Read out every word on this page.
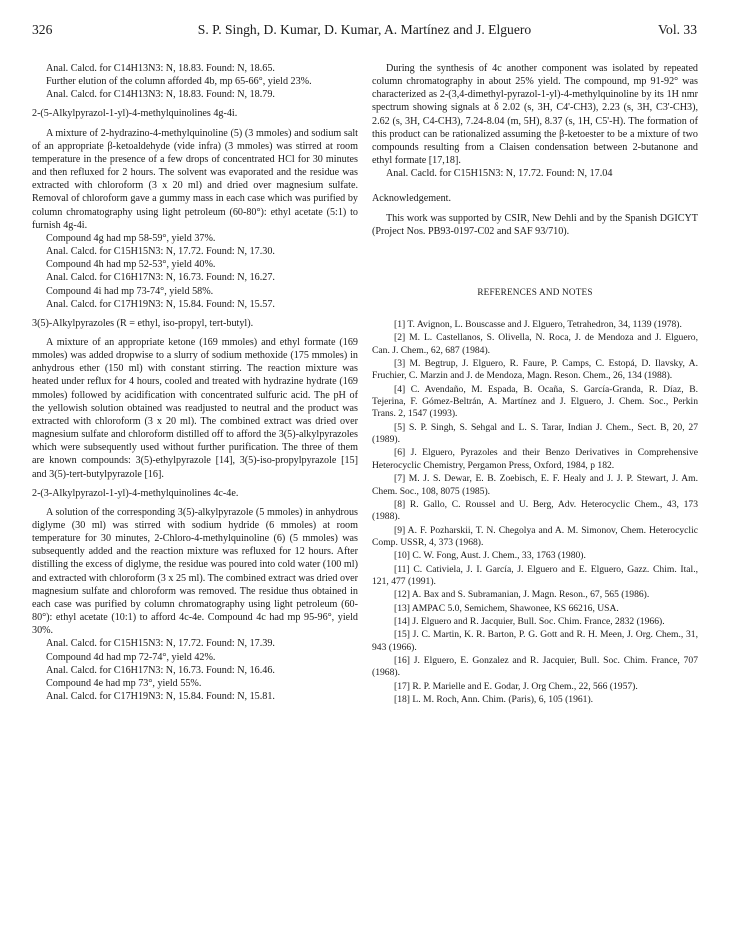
326	S. P. Singh, D. Kumar, D. Kumar, A. Martínez and J. Elguero	Vol. 33

Anal. Calcd. for C14H13N3: N, 18.83. Found: N, 18.65.

Further elution of the column afforded 4b, mp 65-66°, yield 23%.

Anal. Calcd. for C14H13N3: N, 18.83. Found: N, 18.79.

2-(5-Alkylpyrazol-1-yl)-4-methylquinolines 4g-4i.

A mixture of 2-hydrazino-4-methylquinoline (5) (3 mmoles) and sodium salt of an appropriate β-ketoaldehyde (vide infra) (3 mmoles) was stirred at room temperature in the presence of a few drops of concentrated HCl for 30 minutes and then refluxed for 2 hours. The solvent was evaporated and the residue was extracted with chloroform (3 x 20 ml) and dried over magnesium sulfate. Removal of chloroform gave a gummy mass in each case which was purified by column chromatography using light petroleum (60-80°): ethyl acetate (5:1) to furnish 4g-4i.

Compound 4g had mp 58-59°, yield 37%.

Anal. Calcd. for C15H15N3: N, 17.72. Found: N, 17.30.

Compound 4h had mp 52-53°, yield 40%.

Anal. Calcd. for C16H17N3: N, 16.73. Found: N, 16.27.

Compound 4i had mp 73-74°, yield 58%.

Anal. Calcd. for C17H19N3: N, 15.84. Found: N, 15.57.

3(5)-Alkylpyrazoles (R = ethyl, iso-propyl, tert-butyl).

A mixture of an appropriate ketone (169 mmoles) and ethyl formate (169 mmoles) was added dropwise to a slurry of sodium methoxide (175 mmoles) in anhydrous ether (150 ml) with constant stirring. The reaction mixture was heated under reflux for 4 hours, cooled and treated with hydrazine hydrate (169 mmoles) followed by acidification with concentrated sulfuric acid. The pH of the yellowish solution obtained was readjusted to neutral and the product was extracted with chloroform (3 x 20 ml). The combined extract was dried over magnesium sulfate and chloroform distilled off to afford the 3(5)-alkylpyrazoles which were subsequently used without further purification. The three of them are known compounds: 3(5)-ethylpyrazole [14], 3(5)-iso-propylpyrazole [15] and 3(5)-tert-butylpyrazole [16].

2-(3-Alkylpyrazol-1-yl)-4-methylquinolines 4c-4e.

A solution of the corresponding 3(5)-alkylpyrazole (5 mmoles) in anhydrous diglyme (30 ml) was stirred with sodium hydride (6 mmoles) at room temperature for 30 minutes, 2-Chloro-4-methylquinoline (6) (5 mmoles) was subsequently added and the reaction mixture was refluxed for 12 hours. After distilling the excess of diglyme, the residue was poured into cold water (100 ml) and extracted with chloroform (3 x 25 ml). The combined extract was dried over magnesium sulfate and chloroform was removed. The residue thus obtained in each case was purified by column chromatography using light petroleum (60-80°): ethyl acetate (10:1) to afford 4c-4e. Compound 4c had mp 95-96°, yield 30%.

Anal. Calcd. for C15H15N3: N, 17.72. Found: N, 17.39.

Compound 4d had mp 72-74°, yield 42%.

Anal. Calcd. for C16H17N3: N, 16.73. Found: N, 16.46.

Compound 4e had mp 73°, yield 55%.

Anal. Calcd. for C17H19N3: N, 15.84. Found: N, 15.81.

During the synthesis of 4c another component was isolated by repeated column chromatography in about 25% yield. The compound, mp 91-92° was characterized as 2-(3,4-dimethyl-pyrazol-1-yl)-4-methylquinoline by its 1H nmr spectrum showing signals at δ 2.02 (s, 3H, C4'-CH3), 2.23 (s, 3H, C3'-CH3), 2.62 (s, 3H, C4-CH3), 7.24-8.04 (m, 5H), 8.37 (s, 1H, C5'-H). The formation of this product can be rationalized assuming the β-ketoester to be a mixture of two compounds resulting from a Claisen condensation between 2-butanone and ethyl formate [17,18].

Anal. Cacld. for C15H15N3: N, 17.72. Found: N, 17.04

Acknowledgement.

This work was supported by CSIR, New Dehli and by the Spanish DGICYT (Project Nos. PB93-0197-C02 and SAF 93/710).

REFERENCES AND NOTES

[1] T. Avignon, L. Bouscasse and J. Elguero, Tetrahedron, 34, 1139 (1978).

[2] M. L. Castellanos, S. Olivella, N. Roca, J. de Mendoza and J. Elguero, Can. J. Chem., 62, 687 (1984).

[3] M. Begtrup, J. Elguero, R. Faure, P. Camps, C. Estopá, D. Ilavsky, A. Fruchier, C. Marzin and J. de Mendoza, Magn. Reson. Chem., 26, 134 (1988).

[4] C. Avendaño, M. Espada, B. Ocaña, S. García-Granda, R. Díaz, B. Tejerina, F. Gómez-Beltrán, A. Martínez and J. Elguero, J. Chem. Soc., Perkin Trans. 2, 1547 (1993).

[5] S. P. Singh, S. Sehgal and L. S. Tarar, Indian J. Chem., Sect. B, 20, 27 (1989).

[6] J. Elguero, Pyrazoles and their Benzo Derivatives in Comprehensive Heterocyclic Chemistry, Pergamon Press, Oxford, 1984, p 182.

[7] M. J. S. Dewar, E. B. Zoebisch, E. F. Healy and J. J. P. Stewart, J. Am. Chem. Soc., 108, 8075 (1985).

[8] R. Gallo, C. Roussel and U. Berg, Adv. Heterocyclic Chem., 43, 173 (1988).

[9] A. F. Pozharskii, T. N. Chegolya and A. M. Simonov, Chem. Heterocyclic Comp. USSR, 4, 373 (1968).

[10] C. W. Fong, Aust. J. Chem., 33, 1763 (1980).

[11] C. Cativiela, J. I. García, J. Elguero and E. Elguero, Gazz. Chim. Ital., 121, 477 (1991).

[12] A. Bax and S. Subramanian, J. Magn. Reson., 67, 565 (1986).

[13] AMPAC 5.0, Semichem, Shawonee, KS 66216, USA.

[14] J. Elguero and R. Jacquier, Bull. Soc. Chim. France, 2832 (1966).

[15] J. C. Martin, K. R. Barton, P. G. Gott and R. H. Meen, J. Org. Chem., 31, 943 (1966).

[16] J. Elguero, E. Gonzalez and R. Jacquier, Bull. Soc. Chim. France, 707 (1968).

[17] R. P. Marielle and E. Godar, J. Org Chem., 22, 566 (1957).

[18] L. M. Roch, Ann. Chim. (Paris), 6, 105 (1961).
